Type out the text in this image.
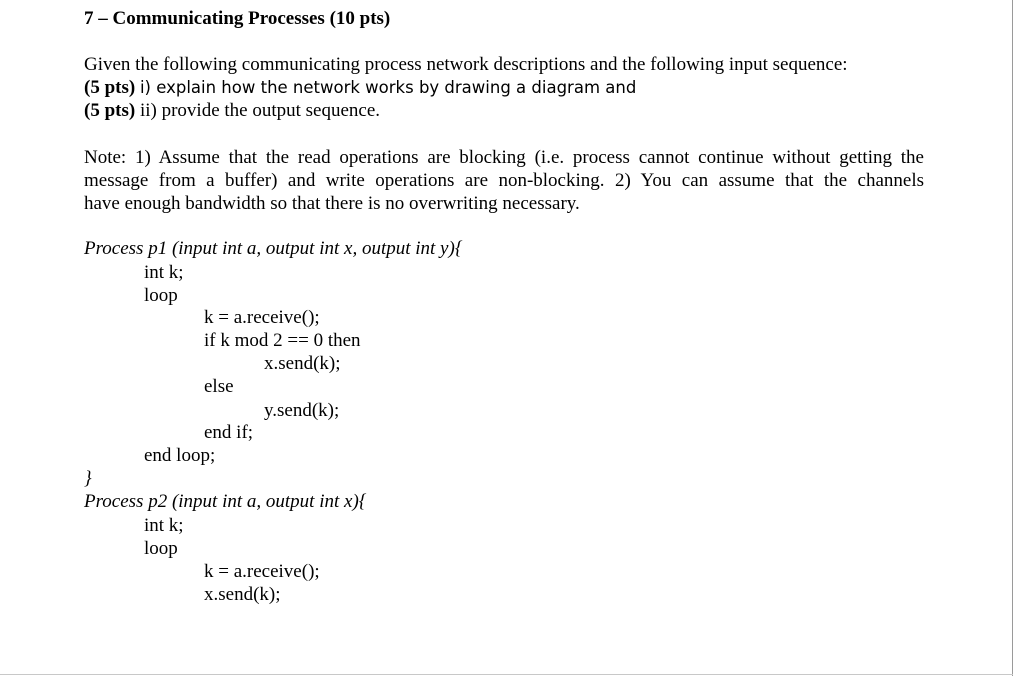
7 – Communicating Processes (10 pts)
Given the following communicating process network descriptions and the following input sequence:
(5 pts) i) explain how the network works by drawing a diagram and
(5 pts) ii) provide the output sequence.
Note: 1) Assume that the read operations are blocking (i.e. process cannot continue without getting the
message from a buffer) and write operations are non-blocking. 2) You can assume that the channels
have enough bandwidth so that there is no overwriting necessary.
Process p1 (input int a, output int x, output int y){
int k;
loop
k = a.receive();
if k mod 2 == 0 then
x.send(k);
else
y.send(k);
end if;
end loop;
}
Process p2 (input int a, output int x){
int k;
loop
k = a.receive();
x.send(k);
